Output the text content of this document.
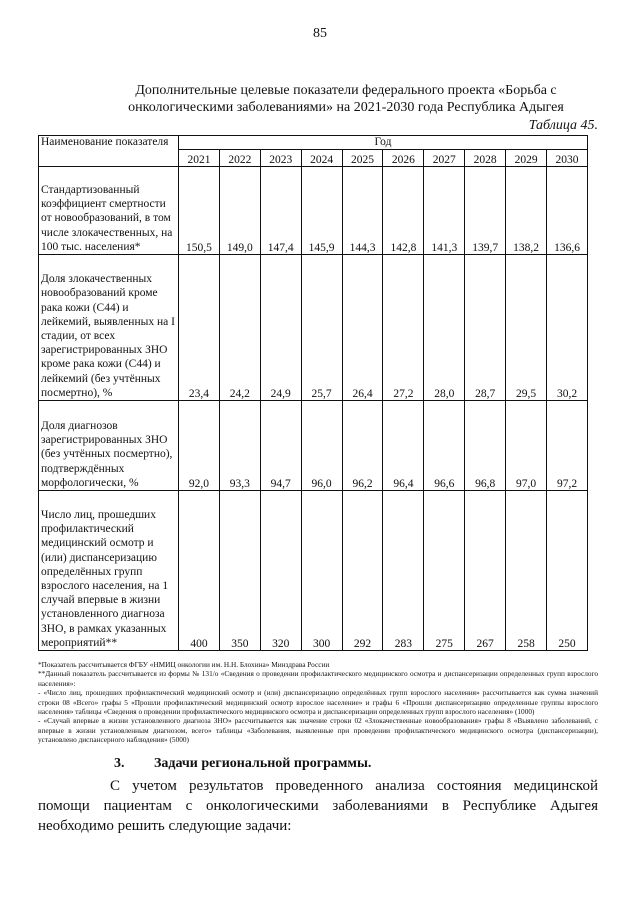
85
Дополнительные целевые показатели федерального проекта «Борьба с
онкологическими заболеваниями» на 2021-2030 года Республика Адыгея
Таблица 45.
Наименование показателя	Год									
	2021	2022	2023	2024	2025	2026	2027	2028	2029	2030
Стандартизованный коэффициент смертности от новообразований, в том числе злокачественных, на 100 тыс. населения*	150,5	149,0	147,4	145,9	144,3	142,8	141,3	139,7	138,2	136,6
Доля злокачественных новообразований кроме рака кожи (С44) и лейкемий, выявленных на I стадии, от всех зарегистрированных ЗНО кроме рака кожи (С44) и лейкемий (без учтённых посмертно), %	23,4	24,2	24,9	25,7	26,4	27,2	28,0	28,7	29,5	30,2
Доля диагнозов зарегистрированных ЗНО (без учтённых посмертно), подтверждённых морфологически, %	92,0	93,3	94,7	96,0	96,2	96,4	96,6	96,8	97,0	97,2
Число лиц, прошедших профилактический медицинский осмотр и (или) диспансеризацию определённых групп взрослого населения, на 1 случай впервые в жизни установленного диагноза ЗНО, в рамках указанных мероприятий**	400	350	320	300	292	283	275	267	258	250

*Показатель рассчитывается ФГБУ «НМИЦ онкологии им. Н.Н. Блохина» Минздрава России

**Данный показатель рассчитывается из формы № 131/о «Сведения о проведении профилактического медицинского осмотра и диспансеризации определенных групп взрослого населения»:

- «Число лиц, прошедших профилактический медицинский осмотр и (или) диспансеризацию определённых групп взрослого населения» рассчитывается как сумма значений строки 08 «Всего» графы 5 «Прошли профилактический медицинский осмотр взрослое население» и графы 6 «Прошли диспансеризацию определенные группы взрослого населения» таблицы «Сведения о проведении профилактического медицинского осмотра и диспансеризации определенных групп взрослого населения» (1000)

- «Случай впервые в жизни установленного диагноза ЗНО» рассчитывается как значение строки 02 «Злокачественные новообразования» графы 8 «Выявлено заболеваний, с впервые в жизни установленным диагнозом, всего» таблицы «Заболевания, выявленные при проведении профилактического медицинского осмотра (диспансеризации), установлено диспансерного наблюдения» (5000)

3. Задачи региональной программы.
С учетом результатов проведенного анализа состояния медицинской помощи пациентам с онкологическими заболеваниями в Республике Адыгея необходимо решить следующие задачи:
